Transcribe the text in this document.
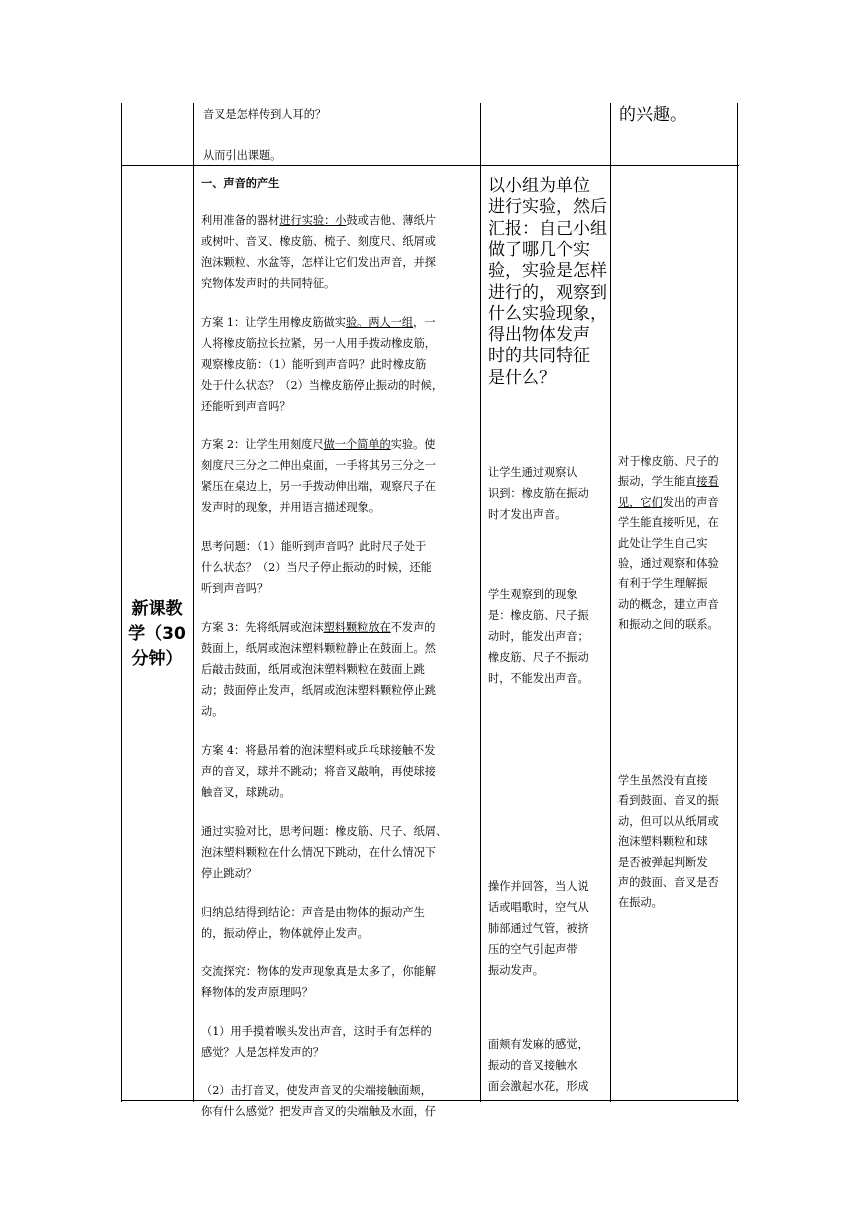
音叉是怎样传到人耳的？
从而引出课题。
的兴趣。
新课教
学（30
分钟）
一、声音的产生
利用准备的器材进行实验：小鼓或吉他、薄纸片
或树叶、音叉、橡皮筋、梳子、刻度尺、纸屑或
泡沫颗粒、水盆等，怎样让它们发出声音，并探
究物体发声时的共同特征。
方案 1：让学生用橡皮筋做实验。两人一组，一
人将橡皮筋拉长拉紧，另一人用手拨动橡皮筋，
观察橡皮筋：（1）能听到声音吗？此时橡皮筋
处于什么状态？（2）当橡皮筋停止振动的时候，
还能听到声音吗？
方案 2：让学生用刻度尺做一个简单的实验。使
刻度尺三分之二伸出桌面，一手将其另三分之一
紧压在桌边上，另一手拨动伸出端，观察尺子在
发声时的现象，并用语言描述现象。
思考问题：（1）能听到声音吗？此时尺子处于
什么状态？（2）当尺子停止振动的时候，还能
听到声音吗？
方案 3：先将纸屑或泡沫塑料颗粒放在不发声的
鼓面上，纸屑或泡沫塑料颗粒静止在鼓面上。然
后敲击鼓面，纸屑或泡沫塑料颗粒在鼓面上跳
动；鼓面停止发声，纸屑或泡沫塑料颗粒停止跳
动。
方案 4：将悬吊着的泡沫塑料或乒乓球接触不发
声的音叉，球并不跳动；将音叉敲响，再使球接
触音叉，球跳动。
通过实验对比，思考问题：橡皮筋、尺子、纸屑、
泡沫塑料颗粒在什么情况下跳动，在什么情况下
停止跳动？
归纳总结得到结论：声音是由物体的振动产生
的，振动停止，物体就停止发声。
交流探究：物体的发声现象真是太多了，你能解
释物体的发声原理吗？
（1）用手摸着喉头发出声音，这时手有怎样的
感觉？人是怎样发声的？
（2）击打音叉，使发声音叉的尖端接触面颊，
你有什么感觉？把发声音叉的尖端触及水面，仔
以小组为单位
进行实验，然后
汇报：自己小组
做了哪几个实
验，实验是怎样
进行的，观察到
什么实验现象，
得出物体发声
时的共同特征
是什么？
让学生通过观察认
识到：橡皮筋在振动
时才发出声音。
学生观察到的现象
是：橡皮筋、尺子振
动时，能发出声音；
橡皮筋、尺子不振动
时，不能发出声音。
操作并回答，当人说
话或唱歌时，空气从
肺部通过气管，被挤
压的空气引起声带
振动发声。
面颊有发麻的感觉，
振动的音叉接触水
面会激起水花，形成
对于橡皮筋、尺子的
振动，学生能直接看
见，它们发出的声音
学生能直接听见，在
此处让学生自己实
验，通过观察和体验
有利于学生理解振
动的概念，建立声音
和振动之间的联系。
学生虽然没有直接
看到鼓面、音叉的振
动，但可以从纸屑或
泡沫塑料颗粒和球
是否被弹起判断发
声的鼓面、音叉是否
在振动。
